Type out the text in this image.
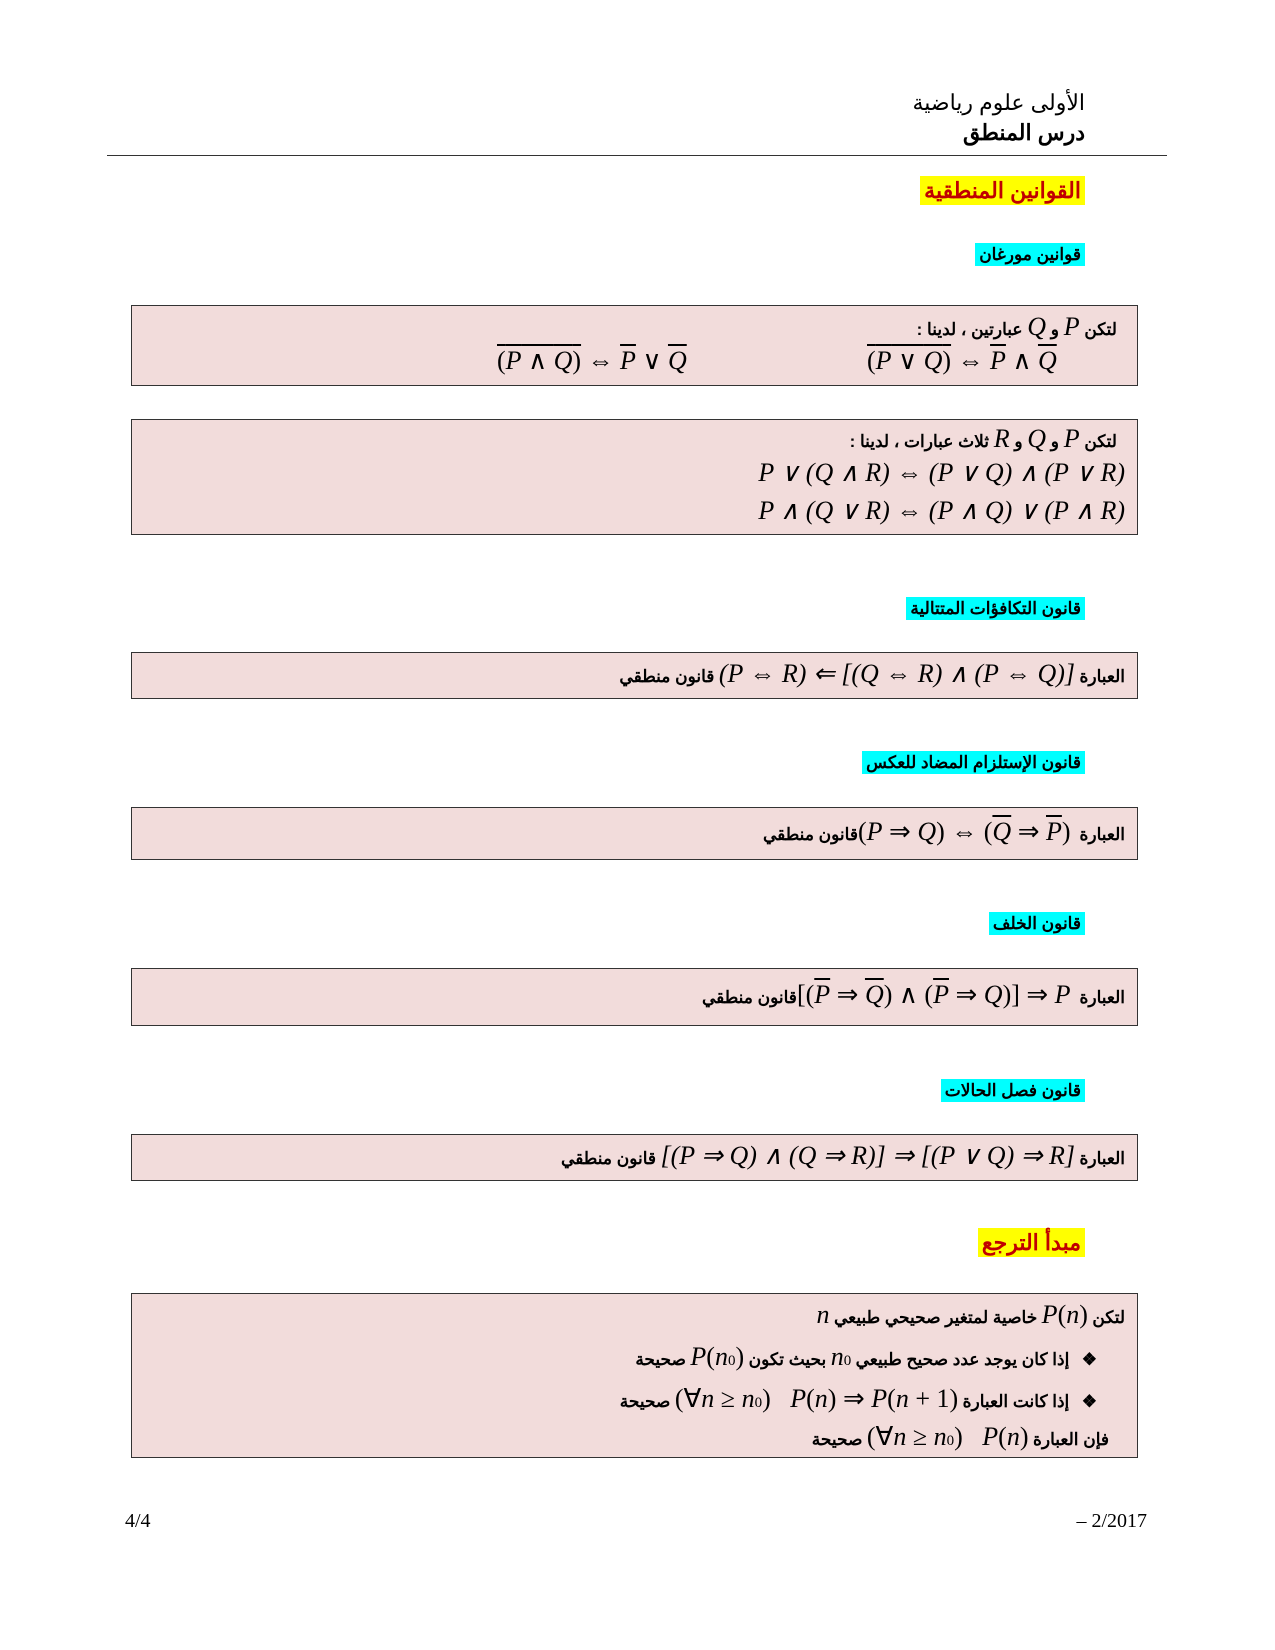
الأولى علوم رياضية
درس المنطق
القوانين المنطقية
قوانين مورغان
لتكن P و Q عبارتين ، لدينا :
(P ∨ Q) ⇔ $\overline{P}$ ∧ $\overline{Q}$
(P ∧ Q) ⇔ $\overline{P}$ ∨ $\overline{Q}$
لتكن P و Q و R ثلاث عبارات ، لدينا :
P ∨ (Q ∧ R) ⇔ (P ∨ Q) ∧ (P ∨ R)
P ∧ (Q ∨ R) ⇔ (P ∧ Q) ∨ (P ∧ R)
قانون التكافؤات المتتالية
العبارة (P ⇔ R) ⇐ [(Q ⇔ R) ∧ (P ⇔ Q)] قانون منطقي
قانون الإستلزام المضاد للعكس
العبارة (P ⇒ Q) ⇔ ($\overline{Q}$ ⇒ $\overline{P}$) قانون منطقي
قانون الخلف
العبارة [($\overline{P}$ ⇒ $\overline{Q}$) ∧ ($\overline{P}$ ⇒ Q)] ⇒ P قانون منطقي
قانون فصل الحالات
العبارة [(P ⇒ Q) ∧ (Q ⇒ R)] ⇒ [(P ∨ Q) ⇒ R] قانون منطقي
مبدأ الترجع
لتكن P(n) خاصية لمتغير صحيحي طبيعي n
❖ إذا كان يوجد عدد صحيح طبيعي n0 بحيث تكون P(n0) صحيحة
❖ إذا كانت العبارة (∀n ≥ n0)   P(n) ⇒ P(n + 1) صحيحة
فإن العبارة (∀n ≥ n0)   P(n) صحيحة
4/4	– 2/2017
